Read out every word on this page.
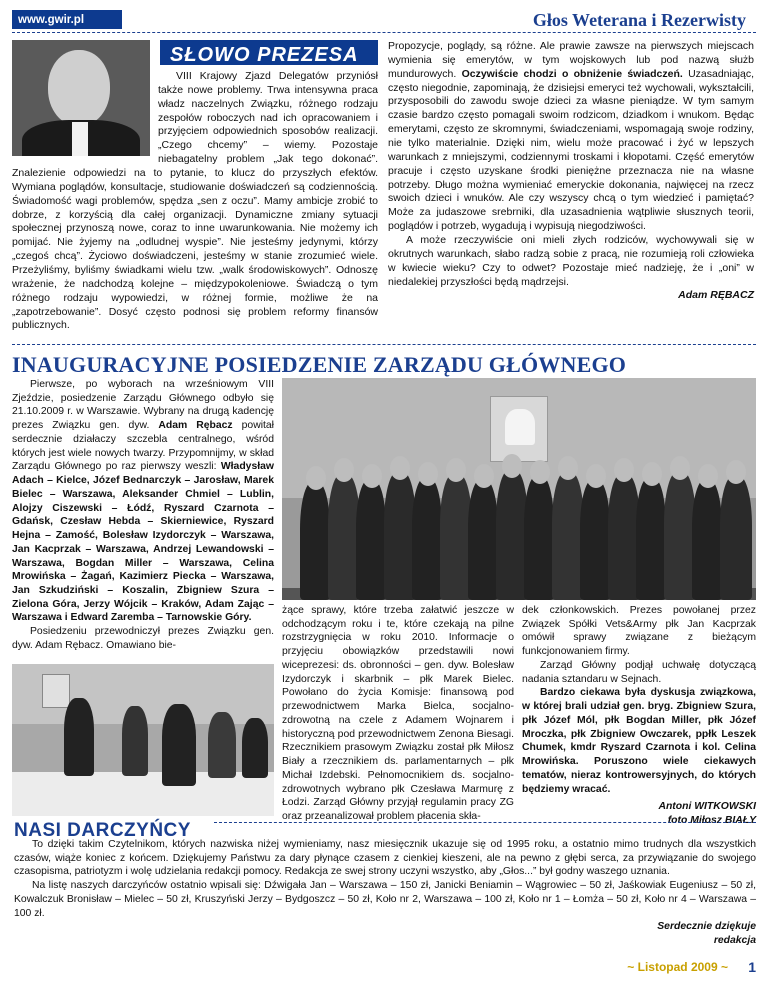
www.gwir.pl	Głos Weterana i Rezerwisty
SŁOWO PREZESA

VIII Krajowy Zjazd Delegatów przyniósł także nowe problemy. Trwa intensywna praca władz naczelnych Związku, różnego rodzaju zespołów roboczych nad ich opracowaniem i przyjęciem odpowiednich sposobów realizacji. „Czego chcemy” – wiemy. Pozostaje niebagatelny problem „Jak tego dokonać”. Znalezienie odpowiedzi na to pytanie, to klucz do przyszłych efektów. Wymiana poglądów, konsultacje, studiowanie doświadczeń są codziennością. Świadomość wagi problemów, spędza „sen z oczu”. Mamy ambicje zrobić to dobrze, z korzyścią dla całej organizacji. Dynamiczne zmiany sytuacji społecznej przynoszą nowe, coraz to inne uwarunkowania. Nie możemy ich pomijać. Nie żyjemy na „odludnej wyspie”. Nie jesteśmy jedynymi, którzy „czegoś chcą”. Życiowo doświadczeni, jesteśmy w stanie zrozumieć wiele. Przeżyliśmy, byliśmy świadkami wielu tzw. „walk środowiskowych”. Odnoszę wrażenie, że nadchodzą kolejne – międzypokoleniowe. Świadczą o tym różnego rodzaju wypowiedzi, w różnej formie, możliwe że na „zapotrzebowanie”. Dosyć często podnosi się problem reformy finansów publicznych.

Propozycje, poglądy, są różne. Ale prawie zawsze na pierwszych miejscach wymienia się emerytów, w tym wojskowych lub pod nazwą służb mundurowych. Oczywiście chodzi o obniżenie świadczeń. Uzasadniając, często niegodnie, zapominają, że dzisiejsi emeryci też wychowali, wykształcili, przysposobili do zawodu swoje dzieci za własne pieniądze. W tym samym czasie bardzo często pomagali swoim rodzicom, dziadkom i wnukom. Będąc emerytami, często ze skromnymi, świadczeniami, wspomagają swoje rodziny, nie tylko materialnie. Dzięki nim, wielu może pracować i żyć w lepszych warunkach z mniejszymi, codziennymi troskami i kłopotami. Część emerytów pracuje i często uzyskane środki pieniężne przeznacza nie na własne potrzeby. Długo można wymieniać emeryckie dokonania, najwięcej na rzecz swoich dzieci i wnuków. Ale czy wszyscy chcą o tym wiedzieć i pamiętać? Może za judaszowe srebrniki, dla uzasadnienia wątpliwie słusznych teorii, poglądów i potrzeb, wygadują i wypisują niegodziwości.

A może rzeczywiście oni mieli złych rodziców, wychowywali się w okrutnych warunkach, słabo radzą sobie z pracą, nie rozumieją roli człowieka w kwiecie wieku? Czy to odwet? Pozostaje mieć nadzieję, że i „oni” w niedalekiej przyszłości będą mądrzejsi.

Adam RĘBACZ

INAUGURACYJNE POSIEDZENIE ZARZĄDU GŁÓWNEGO

Pierwsze, po wyborach na wrześniowym VIII Zjeździe, posiedzenie Zarządu Głównego odbyło się 21.10.2009 r. w Warszawie. Wybrany na drugą kadencję prezes Związku gen. dyw. Adam Rębacz powitał serdecznie działaczy szczebla centralnego, wśród których jest wiele nowych twarzy. Przypomnijmy, w skład Zarządu Głównego po raz pierwszy weszli: Władysław Adach – Kielce, Józef Bednarczyk – Jarosław, Marek Bielec – Warszawa, Aleksander Chmiel – Lublin, Alojzy Ciszewski – Łódź, Ryszard Czarnota – Gdańsk, Czesław Hebda – Skierniewice, Ryszard Hejna – Zamość, Bolesław Izydorczyk – Warszawa, Jan Kacprzak – Warszawa, Andrzej Lewandowski – Warszawa, Bogdan Miller – Warszawa, Celina Mrowińska – Żagań, Kazimierz Piecka – Warszawa, Jan Szkudziński – Koszalin, Zbigniew Szura – Zielona Góra, Jerzy Wójcik – Kraków, Adam Zając – Warszawa i Edward Zaremba – Tarnowskie Góry.

Posiedzeniu przewodniczył prezes Związku gen. dyw. Adam Rębacz. Omawiano bie-

żące sprawy, które trzeba załatwić jeszcze w odchodzącym roku i te, które czekają na pilne rozstrzygnięcia w roku 2010. Informacje o przyjęciu obowiązków przedstawili nowi wiceprezesi: ds. obronności – gen. dyw. Bolesław Izydorczyk i skarbnik – płk Marek Bielec. Powołano do życia Komisje: finansową pod przewodnictwem Marka Bielca, socjalno-zdrowotną na czele z Adamem Wojnarem i historyczną pod przewodnictwem Zenona Biesagi. Rzecznikiem prasowym Związku został płk Miłosz Biały a rzecznikiem ds. parlamentarnych – płk Michał Izdebski. Pełnomocnikiem ds. socjalno-zdrowotnych wybrano płk Czesława Marmurę z Łodzi. Zarząd Główny przyjął regulamin pracy ZG oraz przeanalizował problem płacenia skła-

dek członkowskich. Prezes powołanej przez Związek Spółki Vets&Army płk Jan Kacprzak omówił sprawy związane z bieżącym funkcjonowaniem firmy.

Zarząd Główny podjął uchwałę dotyczącą nadania sztandaru w Sejnach.

Bardzo ciekawa była dyskusja związkowa, w której brali udział gen. bryg. Zbigniew Szura, płk Józef Mól, płk Bogdan Miller, płk Józef Mroczka, płk Zbigniew Owczarek, ppłk Leszek Chumek, kmdr Ryszard Czarnota i kol. Celina Mrowińska. Poruszono wiele ciekawych tematów, nieraz kontrowersyjnych, do których będziemy wracać.

Antoni WITKOWSKI

foto Miłosz BIAŁY

NASI DARCZYŃCY

To dzięki takim Czytelnikom, których nazwiska niżej wymieniamy, nasz miesięcznik ukazuje się od 1995 roku, a ostatnio mimo trudnych dla wszystkich czasów, wiąże koniec z końcem. Dziękujemy Państwu za dary płynące czasem z cienkiej kieszeni, ale na pewno z głębi serca, za przywiązanie do swojego czasopisma, patriotyzm i wolę udzielania redakcji pomocy. Redakcja ze swej strony uczyni wszystko, aby „Głos...” był godny waszego uznania.

Na listę naszych darczyńców ostatnio wpisali się: Dźwigała Jan – Warszawa – 150 zł, Janicki Beniamin – Wągrowiec – 50 zł, Jaśkowiak Eugeniusz – 50 zł, Kowalczuk Bronisław – Mielec – 50 zł, Kruszyński Jerzy – Bydgoszcz – 50 zł, Koło nr 2, Warszawa – 100 zł, Koło nr 1 – Łomża – 50 zł, Koło nr 4 – Warszawa – 100 zł.

Serdecznie dziękuje

redakcja

~ Listopad 2009 ~ 1
